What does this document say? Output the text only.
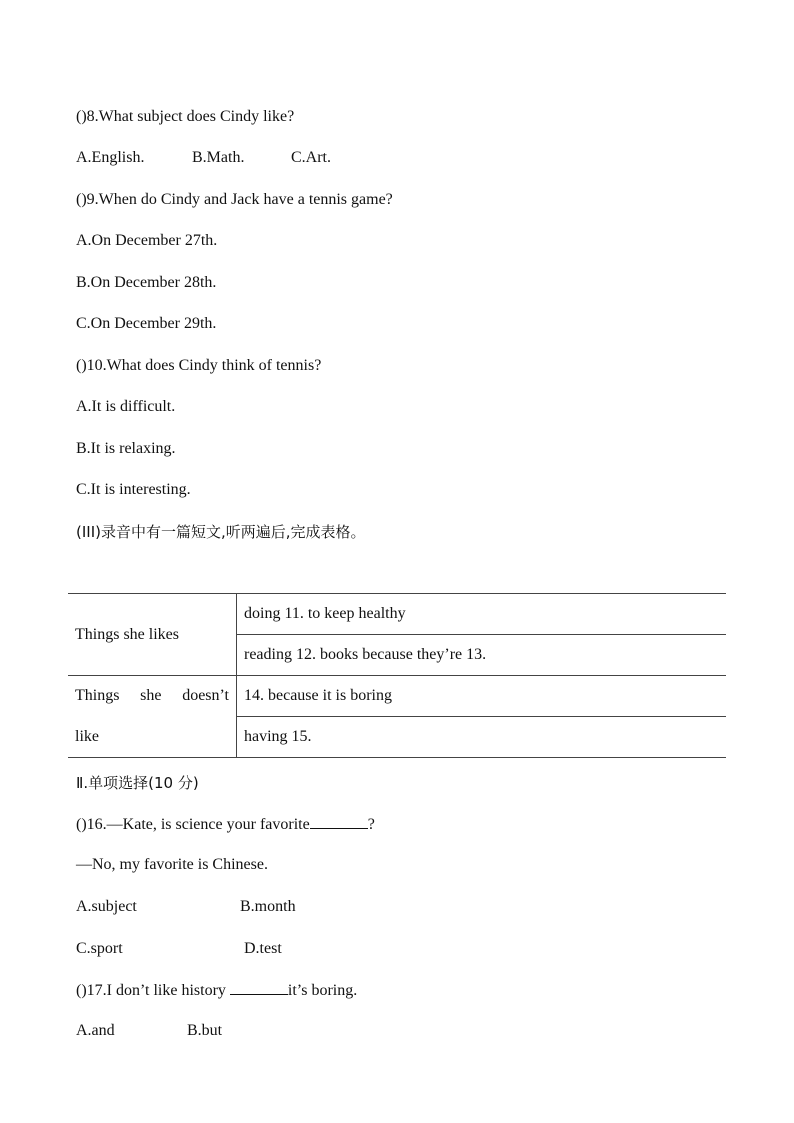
()8.What subject does Cindy like?
A.English.	B.Math.	C.Art.
()9.When do Cindy and Jack have a tennis game?
A.On December 27th.
B.On December 28th.
C.On December 29th.
()10.What does Cindy think of tennis?
A.It is difficult.
B.It is relaxing.
C.It is interesting.
(III)录音中有一篇短文,听两遍后,完成表格。
Things she likes	doing 11. to keep healthy
	reading 12. books because they’re 13.

Things she doesn’t
like	14. because it is boring
	having 15.
Ⅱ.单项选择(10 分)
()16.—Kate, is science your favorite	?
—No, my favorite is Chinese.
A.subject	B.month
C.sport	D.test
()17.I don’t like history	it’s boring.
A.and	B.but
